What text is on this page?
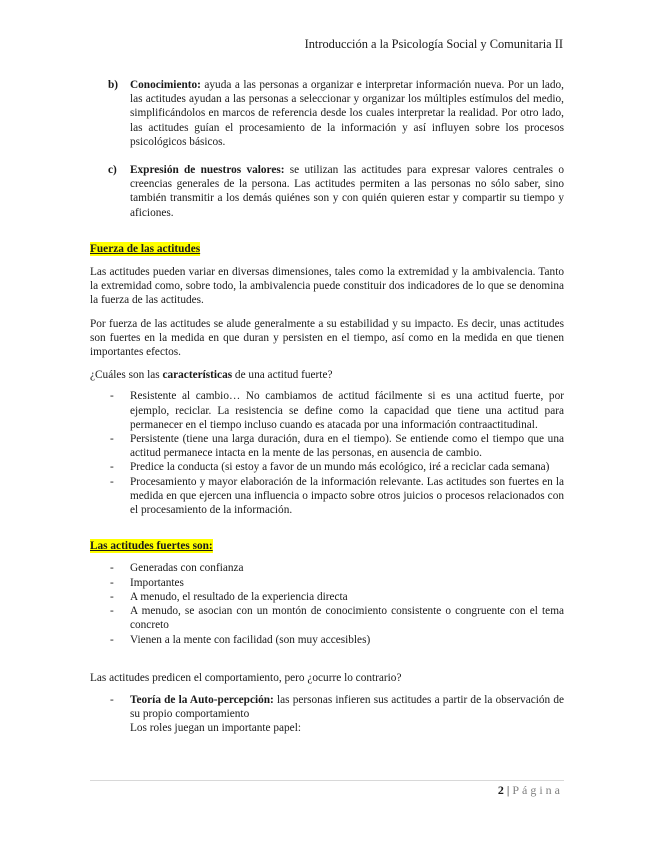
Introducción a la Psicología Social y Comunitaria II
b) Conocimiento: ayuda a las personas a organizar e interpretar información nueva. Por un lado, las actitudes ayudan a las personas a seleccionar y organizar los múltiples estímulos del medio, simplificándolos en marcos de referencia desde los cuales interpretar la realidad. Por otro lado, las actitudes guían el procesamiento de la información y así influyen sobre los procesos psicológicos básicos.

c) Expresión de nuestros valores: se utilizan las actitudes para expresar valores centrales o creencias generales de la persona. Las actitudes permiten a las personas no sólo saber, sino también transmitir a los demás quiénes son y con quién quieren estar y compartir su tiempo y aficiones.

Fuerza de las actitudes

Las actitudes pueden variar en diversas dimensiones, tales como la extremidad y la ambivalencia. Tanto la extremidad como, sobre todo, la ambivalencia puede constituir dos indicadores de lo que se denomina la fuerza de las actitudes.

Por fuerza de las actitudes se alude generalmente a su estabilidad y su impacto. Es decir, unas actitudes son fuertes en la medida en que duran y persisten en el tiempo, así como en la medida en que tienen importantes efectos.

¿Cuáles son las características de una actitud fuerte?

- Resistente al cambio… No cambiamos de actitud fácilmente si es una actitud fuerte, por ejemplo, reciclar. La resistencia se define como la capacidad que tiene una actitud para permanecer en el tiempo incluso cuando es atacada por una información contraactitudinal.
- Persistente (tiene una larga duración, dura en el tiempo). Se entiende como el tiempo que una actitud permanece intacta en la mente de las personas, en ausencia de cambio.
- Predice la conducta (si estoy a favor de un mundo más ecológico, iré a reciclar cada semana)
- Procesamiento y mayor elaboración de la información relevante. Las actitudes son fuertes en la medida en que ejercen una influencia o impacto sobre otros juicios o procesos relacionados con el procesamiento de la información.
Las actitudes fuertes son:
- Generadas con confianza
- Importantes
- A menudo, el resultado de la experiencia directa
- A menudo, se asocian con un montón de conocimiento consistente o congruente con el tema concreto
- Vienen a la mente con facilidad (son muy accesibles)

Las actitudes predicen el comportamiento, pero ¿ocurre lo contrario?

- Teoría de la Auto-percepción: las personas infieren sus actitudes a partir de la observación de su propio comportamiento
Los roles juegan un importante papel:
2 | Página
